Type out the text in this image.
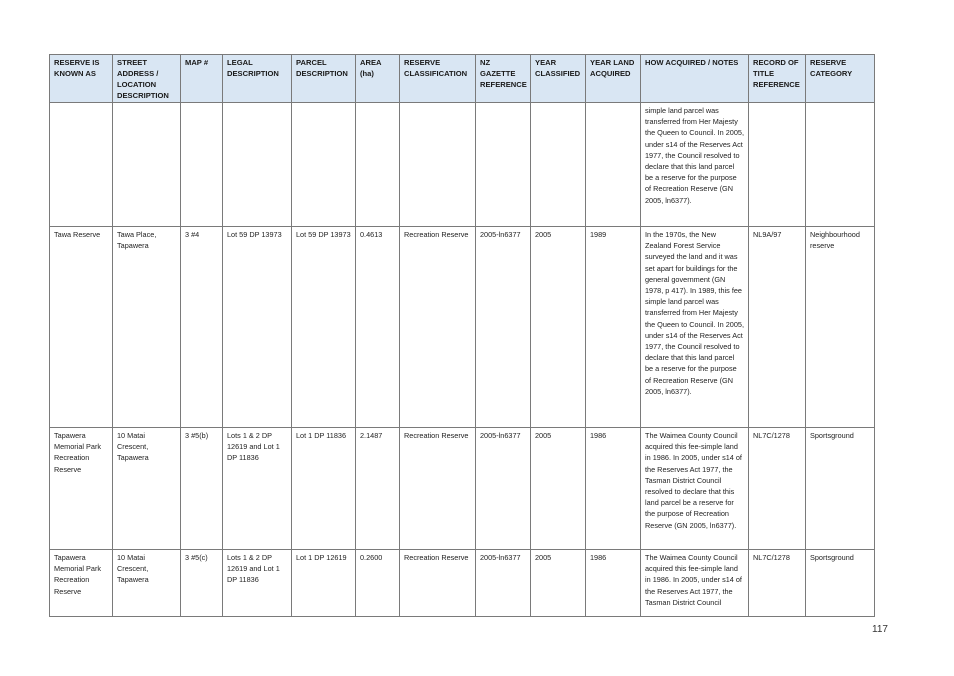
RESERVE IS KNOWN AS	STREET ADDRESS / LOCATION DESCRIPTION	MAP #	LEGAL DESCRIPTION	PARCEL DESCRIPTION	AREA (ha)	RESERVE CLASSIFICATION	NZ GAZETTE REFERENCE	YEAR CLASSIFIED	YEAR LAND ACQUIRED	HOW ACQUIRED / NOTES	RECORD OF TITLE REFERENCE	RESERVE CATEGORY
										simple land parcel was transferred from Her Majesty the Queen to Council. In 2005, under s14 of the Reserves Act 1977, the Council resolved to declare that this land parcel be a reserve for the purpose of Recreation Reserve (GN 2005, ln6377).		
Tawa Reserve	Tawa Place, Tapawera	3 #4	Lot 59 DP 13973	Lot 59 DP 13973	0.4613	Recreation Reserve	2005-ln6377	2005	1989	In the 1970s, the New Zealand Forest Service surveyed the land and it was set apart for buildings for the general government (GN 1978, p 417). In 1989, this fee simple land parcel was transferred from Her Majesty the Queen to Council. In 2005, under s14 of the Reserves Act 1977, the Council resolved to declare that this land parcel be a reserve for the purpose of Recreation Reserve (GN 2005, ln6377).	NL9A/97	Neighbourhood reserve
Tapawera Memorial Park Recreation Reserve	10 Matai Crescent, Tapawera	3 #5(b)	Lots 1 & 2 DP 12619 and Lot 1 DP 11836	Lot 1 DP 11836	2.1487	Recreation Reserve	2005-ln6377	2005	1986	The Waimea County Council acquired this fee-simple land in 1986. In 2005, under s14 of the Reserves Act 1977, the Tasman District Council resolved to declare that this land parcel be a reserve for the purpose of Recreation Reserve (GN 2005, ln6377).	NL7C/1278	Sportsground
Tapawera Memorial Park Recreation Reserve	10 Matai Crescent, Tapawera	3 #5(c)	Lots 1 & 2 DP 12619 and Lot 1 DP 11836	Lot 1 DP 12619	0.2600	Recreation Reserve	2005-ln6377	2005	1986	The Waimea County Council acquired this fee-simple land in 1986. In 2005, under s14 of the Reserves Act 1977, the Tasman District Council	NL7C/1278	Sportsground
117
